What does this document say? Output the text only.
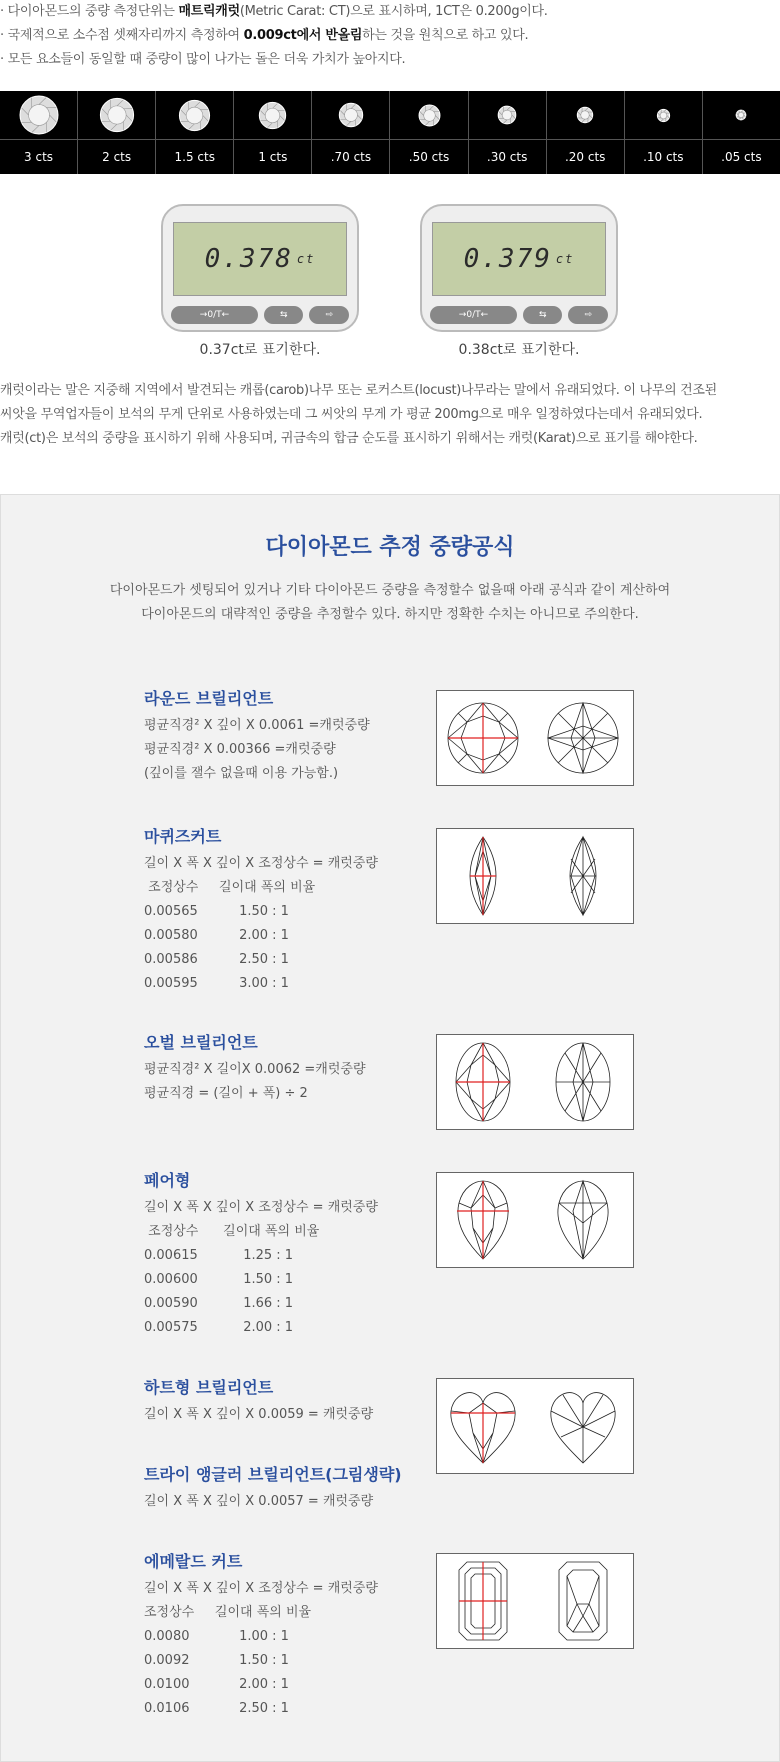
· 다이아몬드의 중량 측정단위는 매트릭캐럿(Metric Carat: CT)으로 표시하며, 1CT은 0.200g이다.

· 국제적으로 소수점 셋째자리까지 측정하여 0.009ct에서 반올림하는 것을 원칙으로 하고 있다.

· 모든 요소들이 동일할 때 중량이 많이 나가는 돌은 더욱 가치가 높아지다.

3 cts	2 cts	1.5 cts	1 cts	.70 cts	.50 cts	.30 cts	.20 cts	.10 cts	.05 cts
0.378 ct
→0/T←	⇆	⇨
0.37ct로 표기한다.
0.379 ct
→0/T←	⇆	⇨
0.38ct로 표기한다.

캐럿이라는 말은 지중해 지역에서 발견되는 캐롭(carob)나무 또는 로커스트(locust)나무라는 말에서 유래되었다. 이 나무의 건조된

씨앗을 무역업자들이 보석의 무게 단위로 사용하였는데 그 씨앗의 무게 가 평균 200mg으로 매우 일정하였다는데서 유래되었다.

캐럿(ct)은 보석의 중량을 표시하기 위해 사용되며, 귀금속의 합금 순도를 표시하기 위해서는 캐럿(Karat)으로 표기를 해야한다.

다이아몬드 추정 중량공식
다이아몬드가 셋팅되어 있거나 기타 다이아몬드 중량을 측정할수 없을때 아래 공식과 같이 계산하여
다이아몬드의 대략적인 중량을 추정할수 있다. 하지만 정확한 수치는 아니므로 주의한다.
라운드 브릴리언트
평균직경² X 깊이 X 0.0061 =캐럿중량
평균직경² X 0.00366 =캐럿중량
(깊이를 잴수 없을때 이용 가능함.)
마퀴즈커트
길이 X 폭 X 깊이 X 조정상수 = 캐럿중량
조정상수     길이대 폭의 비율
0.00565          1.50 : 1
0.00580          2.00 : 1
0.00586          2.50 : 1
0.00595          3.00 : 1
오벌 브릴리언트
평균직경² X 길이X 0.0062 =캐럿중량
평균직경 = (길이 + 폭) ÷ 2
페어형
길이 X 폭 X 깊이 X 조정상수 = 캐럿중량
조정상수      길이대 폭의 비율
0.00615           1.25 : 1
0.00600           1.50 : 1
0.00590           1.66 : 1
0.00575           2.00 : 1
하트형 브릴리언트
길이 X 폭 X 깊이 X 0.0059 = 캐럿중량
트라이 앵글러 브릴리언트(그림생략)
길이 X 폭 X 깊이 X 0.0057 = 캐럿중량
에메랄드 커트
길이 X 폭 X 깊이 X 조정상수 = 캐럿중량
조정상수     길이대 폭의 비율
0.0080            1.00 : 1
0.0092            1.50 : 1
0.0100            2.00 : 1
0.0106            2.50 : 1
